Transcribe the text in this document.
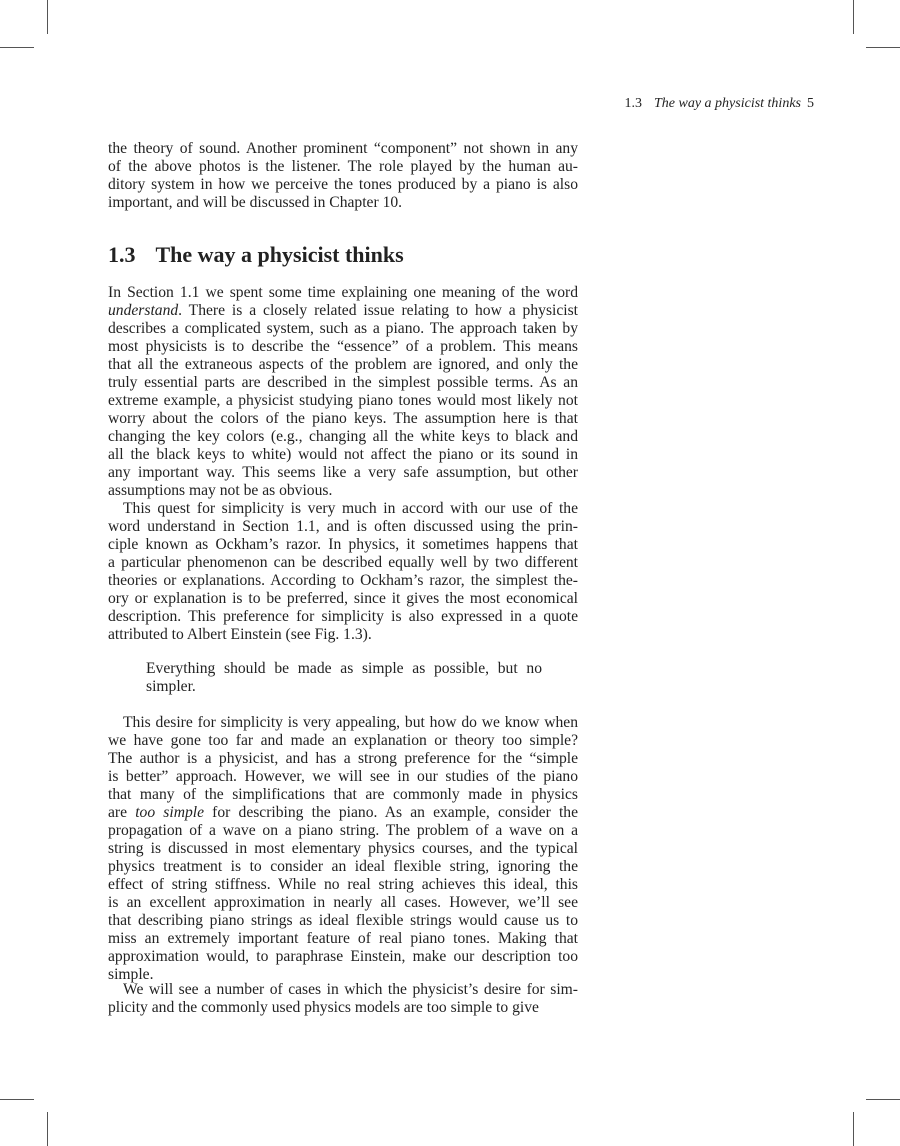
1.3 The way a physicist thinks 5
1.3 The way a physicist thinks
the theory of sound. Another prominent “component” not shown in any
of the above photos is the listener. The role played by the human au-
ditory system in how we perceive the tones produced by a piano is also
important, and will be discussed in Chapter 10.
In Section 1.1 we spent some time explaining one meaning of the word
understand. There is a closely related issue relating to how a physicist
describes a complicated system, such as a piano. The approach taken by
most physicists is to describe the “essence” of a problem. This means
that all the extraneous aspects of the problem are ignored, and only the
truly essential parts are described in the simplest possible terms. As an
extreme example, a physicist studying piano tones would most likely not
worry about the colors of the piano keys. The assumption here is that
changing the key colors (e.g., changing all the white keys to black and
all the black keys to white) would not affect the piano or its sound in
any important way. This seems like a very safe assumption, but other
assumptions may not be as obvious.
This quest for simplicity is very much in accord with our use of the
word understand in Section 1.1, and is often discussed using the prin-
ciple known as Ockham’s razor. In physics, it sometimes happens that
a particular phenomenon can be described equally well by two different
theories or explanations. According to Ockham’s razor, the simplest the-
ory or explanation is to be preferred, since it gives the most economical
description. This preference for simplicity is also expressed in a quote
attributed to Albert Einstein (see Fig. 1.3).
Everything should be made as simple as possible, but no
simpler.
This desire for simplicity is very appealing, but how do we know when
we have gone too far and made an explanation or theory too simple?
The author is a physicist, and has a strong preference for the “simple
is better” approach. However, we will see in our studies of the piano
that many of the simplifications that are commonly made in physics
are too simple for describing the piano. As an example, consider the
propagation of a wave on a piano string. The problem of a wave on a
string is discussed in most elementary physics courses, and the typical
physics treatment is to consider an ideal flexible string, ignoring the
effect of string stiffness. While no real string achieves this ideal, this
is an excellent approximation in nearly all cases. However, we’ll see
that describing piano strings as ideal flexible strings would cause us to
miss an extremely important feature of real piano tones. Making that
approximation would, to paraphrase Einstein, make our description too
simple.
We will see a number of cases in which the physicist’s desire for sim-
plicity and the commonly used physics models are too simple to give
